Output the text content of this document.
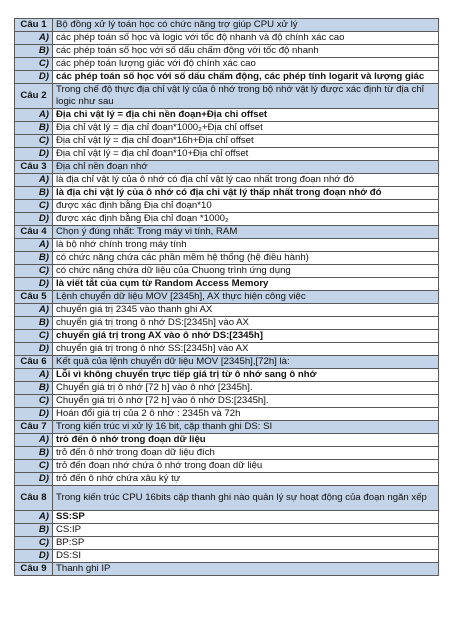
Câu 1	Bộ đồng xử lý toán học có chức năng trợ giúp CPU xử lý
A)	các phép toán số học và logic với tốc độ nhanh và độ chính xác cao
B)	các phép toán số học với số dấu chấm động với tốc độ nhanh
C)	các phép toán lượng giác với độ chính xác cao
D)	các phép toán số học với số dấu chấm động, các phép tính logarit và lượng giác
Câu 2	Trong chế độ thực địa chỉ vật lý của ô nhớ trong bộ nhớ vật lý được xác định từ địa chỉ logic như sau
A)	Địa chỉ vật lý = địa chỉ nền đoạn+Địa chỉ offset
B)	Địa chỉ vật lý = địa chỉ đoạn*1000₂+Địa chỉ offset
C)	Địa chỉ vật lý = địa chỉ đoạn*16h+Địa chỉ offset
D)	Địa chỉ vật lý = địa chỉ đoạn*10+Địa chỉ offset
Câu 3	Địa chỉ nền đoạn nhớ
A)	là địa chỉ vật lý của ô nhớ có địa chỉ vật lý cao nhất trong đoạn nhớ đó
B)	là địa chỉ vật lý của ô nhớ có địa chỉ vật lý thấp nhất trong đoạn nhớ đó
C)	được xác định bằng Địa chỉ đoạn*10
D)	được xác định bằng Địa chỉ đoạn *1000₂
Câu 4	Chọn ý đúng nhất: Trong máy vi tính, RAM
A)	là bộ nhớ chính trong máy tính
B)	có chức năng chứa các phần mềm hệ thống (hệ điều hành)
C)	có chức năng chứa dữ liệu của Chuong trình ứng dụng
D)	là viết tắt của cụm từ Random Access Memory
Câu 5	Lệnh chuyển dữ liệu MOV [2345h], AX thực hiện công việc
A)	chuyển giá trị 2345 vào thanh ghi AX
B)	chuyển giá trị trong ô nhớ DS:[2345h] vào AX
C)	chuyển giá trị trong AX vào ô nhớ DS:[2345h]
D)	chuyển giá trị trong ô nhớ SS:[2345h] vào AX
Câu 6	Kết quả của lệnh chuyển dữ liệu MOV [2345h],[72h] là:
A)	Lỗi vì không chuyển trực tiếp giá trị từ ô nhớ sang ô nhớ
B)	Chuyển giá trị ô nhớ [72 h] vào ô nhớ [2345h].
C)	Chuyển giá trị ô nhớ [72 h] vào ô nhớ DS:[2345h].
D)	Hoán đổi giá trị của 2 ô nhớ : 2345h và 72h
Câu 7	Trong kiến trúc vi xử lý 16 bit, cặp thanh ghi DS: SI
A)	trỏ đến ô nhớ trong đoạn dữ liệu
B)	trỏ đến ô nhớ trong đoạn dữ liệu đích
C)	trỏ đến đoạn nhớ chứa ô nhớ trong đoạn dữ liệu
D)	trỏ đến ô nhớ chứa xâu ký tự
Câu 8	Trong kiến trúc CPU 16bits cặp thanh ghi nào quản lý sự hoạt động của đoạn ngăn xếp
A)	SS:SP
B)	CS:IP
C)	BP:SP
D)	DS:SI
Câu 9	Thanh ghi IP
